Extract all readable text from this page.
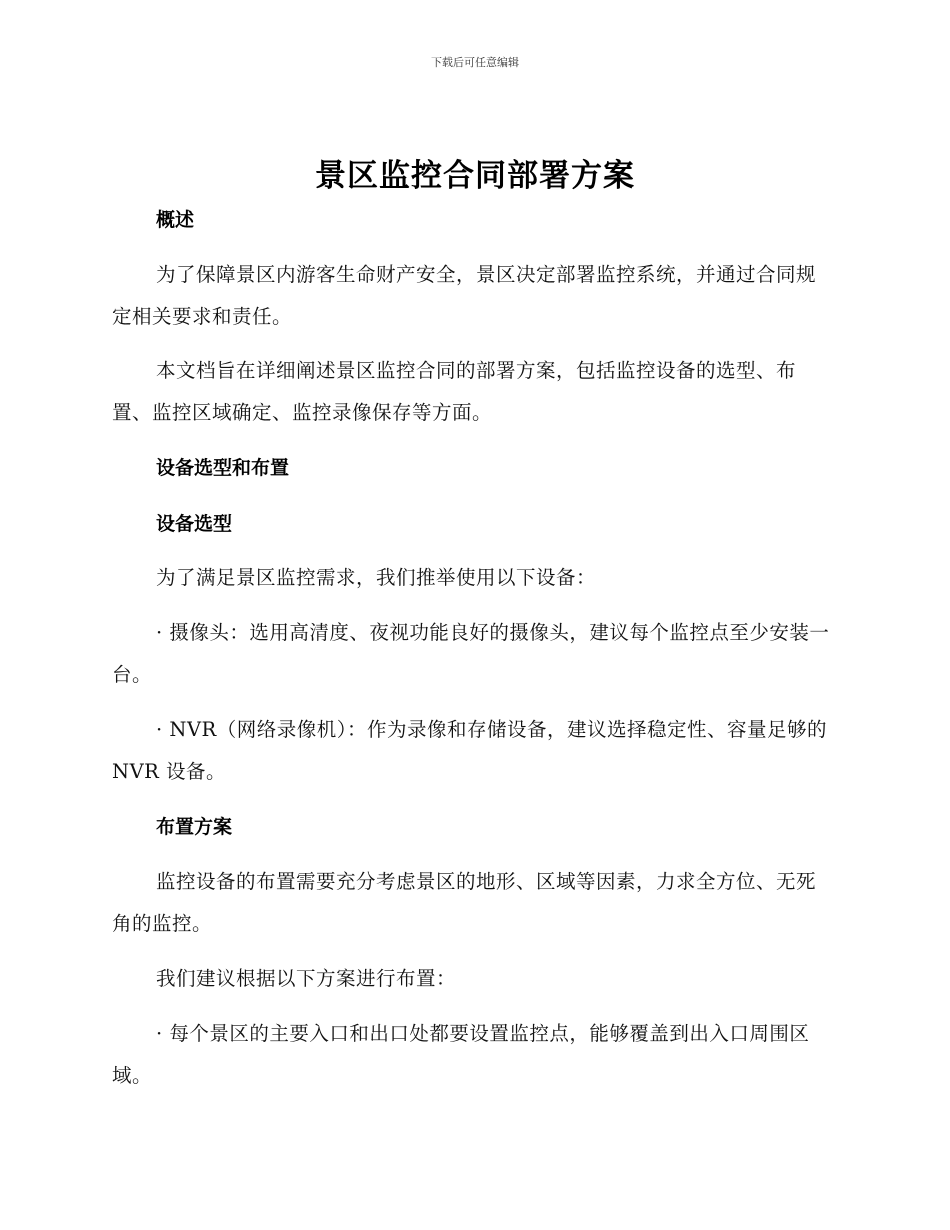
下载后可任意编辑
景区监控合同部署方案
概述
为了保障景区内游客生命财产安全，景区决定部署监控系统，并通过合同规定相关要求和责任。
本文档旨在详细阐述景区监控合同的部署方案，包括监控设备的选型、布置、监控区域确定、监控录像保存等方面。
设备选型和布置
设备选型
为了满足景区监控需求，我们推举使用以下设备：
· 摄像头：选用高清度、夜视功能良好的摄像头，建议每个监控点至少安装一台。
· NVR（网络录像机）：作为录像和存储设备，建议选择稳定性、容量足够的 NVR 设备。
布置方案
监控设备的布置需要充分考虑景区的地形、区域等因素，力求全方位、无死角的监控。
我们建议根据以下方案进行布置：
· 每个景区的主要入口和出口处都要设置监控点，能够覆盖到出入口周围区域。
